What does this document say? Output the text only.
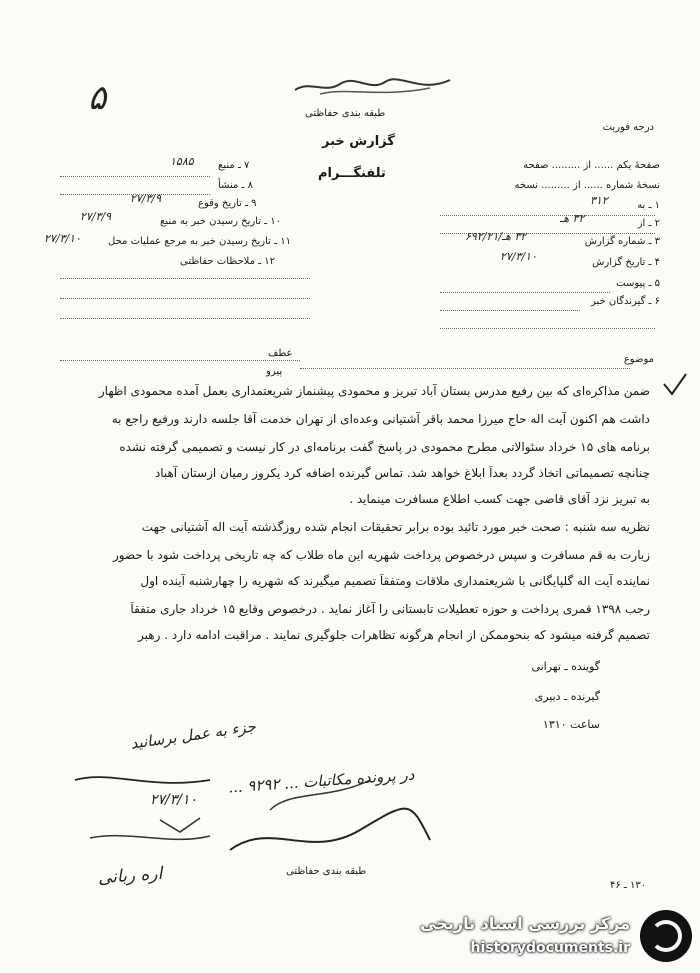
۵	طبقه بندی حفاظتی
گزارش خبر
درجه فوریت
تلفنگـــرام
صفحهٔ یکم ...... از ......... صفحه
نسخهٔ شماره ...... از ......... نسخه
۱ ـ به
۳۱۲
۲ ـ از
۳۲ هـ
۳ ـ شماره گزارش
۳۲ هـ/۶۹۲/۲۱
۴ ـ تاریخ گزارش
۲۷/۳/۱۰
۵ ـ پیوست
۶ ـ گیرندگان خبر
۷ ـ منبع
۱۵۸۵
۸ ـ منشأ
۹ ـ تاریخ وقوع
۲۷/۳/۹
۱۰ ـ تاریخ رسیدن خبر به منبع
۲۷/۳/۹
۱۱ ـ تاریخ رسیدن خبر به مرجع عملیات محل
۲۷/۳/۱۰
۱۲ ـ ملاحظات حفاظتی
عطف
پیرو
موضوع
ضمن مذاکره‌ای که بین رفیع مدرس بستان آباد تبریز و محمودی پیشنماز شریعتمداری بعمل آمده محمودی اظهار
داشت هم اکنون آیت اله حاج میرزا محمد باقر آشتیانی وعده‌ای از تهران خدمت آقا جلسه دارند ورفیع راجع به
برنامه های ۱۵ خرداد سئوالاتی مطرح محمودی در پاسخ گفت برنامه‌ای در کار نیست و تصمیمی گرفته نشده
چنانچه تصمیماتی اتخاذ گردد بعداً ابلاغ خواهد شد. تماس گیرنده اضافه کرد یکروز رمیان ازستان آهباد
به تبریز نزد آقای قاضی جهت کسب اطلاع مسافرت مینماید .
نظریه سه شنبه : صحت خبر مورد تائید بوده برابر تحقیقات انجام شده روزگذشته آیت اله آشتیانی جهت
زیارت به قم مسافرت و سپس درخصوص پرداخت شهریه این ماه طلاب که چه تاریخی پرداخت شود با حضور
نماینده آیت اله گلپایگانی با شریعتمداری ملاقات ومتفقاً تصمیم میگیرند که شهریه را چهارشنبه آینده اول
رجب ۱۳۹۸ قمری پرداخت و حوزه تعطیلات تابستانی را آغاز نماید . درخصوص وقایع ۱۵ خرداد جاری متفقاً
تصمیم گرفته میشود که بنحوممکن از انجام هرگونه تظاهرات جلوگیری نمایند . مراقبت ادامه دارد . رهبر
گوینده ـ تهرانی
گیرنده ـ دبیری
ساعت ۱۳۱۰
جزء به عمل برسانید
در پرونده مکاتبات ... ۹۲۹۲ ...
۲۷/۳/۱۰
اره ربانی	طبقه بندی حفاظتی
۱۳۰ ـ ۴۶
مرکز بررسی اسناد تاریخی
historydocuments.ir
